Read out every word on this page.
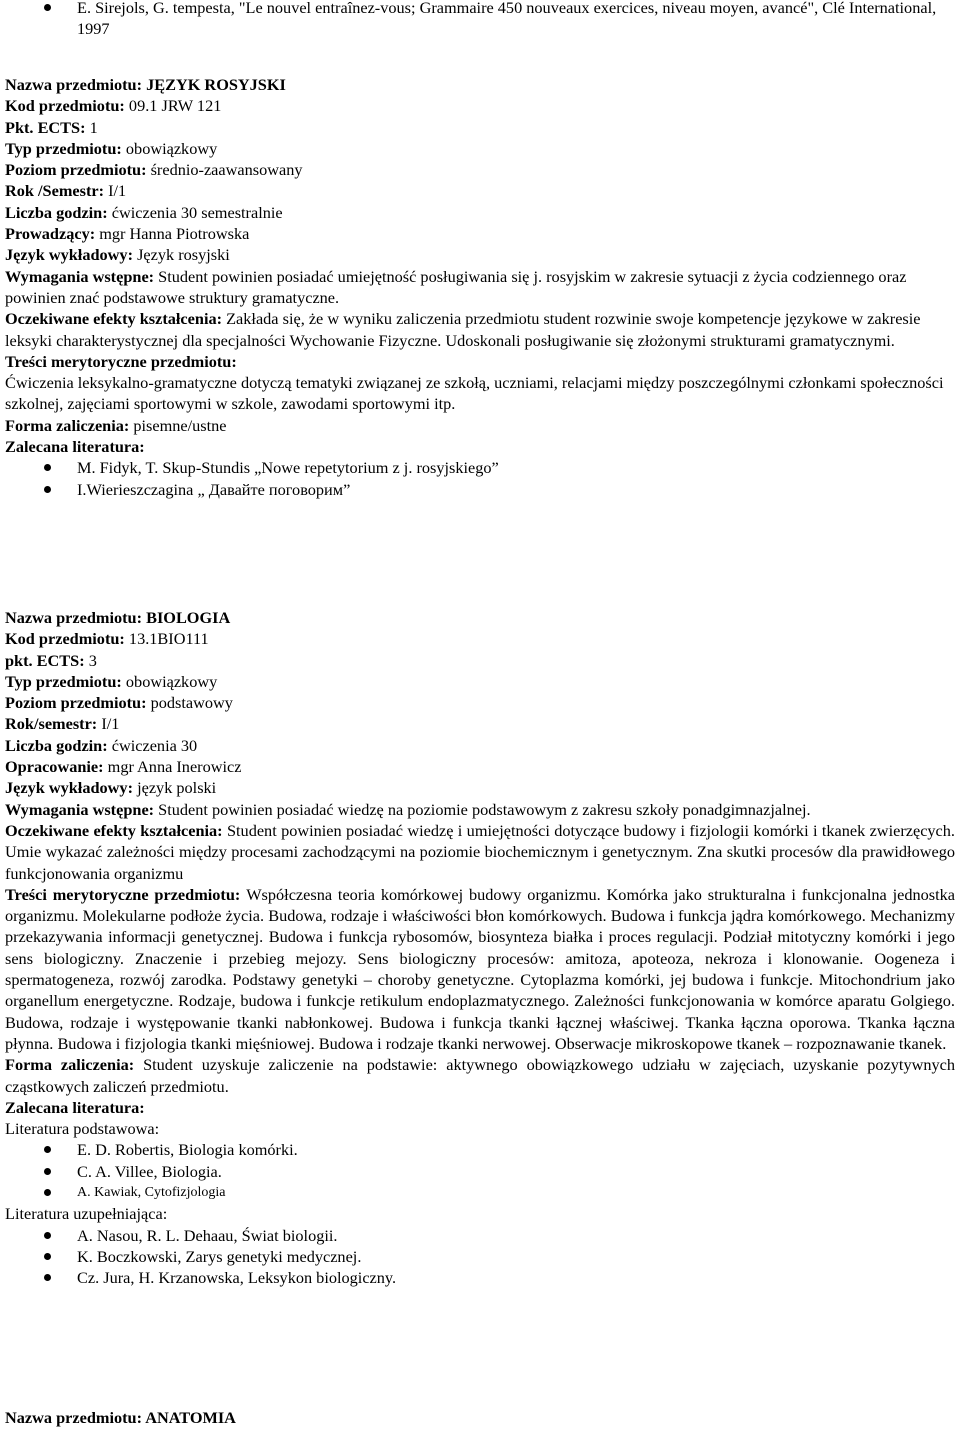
E. Sirejols, G. tempesta, "Le nouvel entraînez-vous; Grammaire 450 nouveaux exercices, niveau moyen, avancé", Clé International, 1997
Nazwa przedmiotu: JĘZYK ROSYJSKI
Kod przedmiotu: 09.1 JRW 121
Pkt. ECTS: 1
Typ przedmiotu: obowiązkowy
Poziom przedmiotu: średnio-zaawansowany
Rok /Semestr: I/1
Liczba godzin: ćwiczenia 30 semestralnie
Prowadzący: mgr Hanna Piotrowska
Język wykładowy: Język rosyjski
Wymagania wstępne: Student powinien posiadać umiejętność posługiwania się j. rosyjskim w zakresie sytuacji z życia codziennego oraz powinien znać podstawowe struktury gramatyczne.
Oczekiwane efekty kształcenia: Zakłada się, że w wyniku zaliczenia przedmiotu student rozwinie swoje kompetencje językowe w zakresie leksyki charakterystycznej dla specjalności Wychowanie Fizyczne. Udoskonali posługiwanie się złożonymi strukturami gramatycznymi.
Treści merytoryczne przedmiotu:
Ćwiczenia leksykalno-gramatyczne dotyczą tematyki związanej ze szkołą, uczniami, relacjami między poszczególnymi członkami społeczności szkolnej, zajęciami sportowymi w szkole, zawodami sportowymi itp.
Forma zaliczenia: pisemne/ustne
Zalecana literatura:
M. Fidyk, T. Skup-Stundis „Nowe repetytorium z j. rosyjskiego”
I.Wierieszczagina „ Давайте поговорим”
Nazwa przedmiotu: BIOLOGIA
Kod przedmiotu: 13.1BIO111
pkt. ECTS: 3
Typ przedmiotu: obowiązkowy
Poziom przedmiotu: podstawowy
Rok/semestr: I/1
Liczba godzin: ćwiczenia 30
Opracowanie: mgr Anna Inerowicz
Język wykładowy: język polski
Wymagania wstępne: Student powinien posiadać wiedzę na poziomie podstawowym z zakresu szkoły ponadgimnazjalnej.
Oczekiwane efekty kształcenia: Student powinien posiadać wiedzę i umiejętności dotyczące budowy i fizjologii komórki i tkanek zwierzęcych. Umie wykazać zależności między procesami zachodzącymi na poziomie biochemicznym i genetycznym. Zna skutki procesów dla prawidłowego funkcjonowania organizmu
Treści merytoryczne przedmiotu: Współczesna teoria komórkowej budowy organizmu. Komórka jako strukturalna i funkcjonalna jednostka organizmu. Molekularne podłoże życia. Budowa, rodzaje i właściwości błon komórkowych. Budowa i funkcja jądra komórkowego. Mechanizmy przekazywania informacji genetycznej. Budowa i funkcja rybosomów, biosynteza białka i proces regulacji. Podział mitotyczny komórki i jego sens biologiczny. Znaczenie i przebieg mejozy. Sens biologiczny procesów: amitoza, apoteoza, nekroza i klonowanie. Oogeneza i spermatogeneza, rozwój zarodka. Podstawy genetyki – choroby genetyczne. Cytoplazma komórki, jej budowa i funkcje. Mitochondrium jako organellum energetyczne. Rodzaje, budowa i funkcje retikulum endoplazmatycznego. Zależności funkcjonowania w komórce aparatu Golgiego. Budowa, rodzaje i występowanie tkanki nabłonkowej. Budowa i funkcja tkanki łącznej właściwej. Tkanka łączna oporowa. Tkanka łączna płynna. Budowa i fizjologia tkanki mięśniowej. Budowa i rodzaje tkanki nerwowej. Obserwacje mikroskopowe tkanek – rozpoznawanie tkanek.
Forma zaliczenia: Student uzyskuje zaliczenie na podstawie: aktywnego obowiązkowego udziału w zajęciach, uzyskanie pozytywnych cząstkowych zaliczeń przedmiotu.
Zalecana literatura:
Literatura podstawowa:
E. D. Robertis, Biologia komórki.
C. A. Villee, Biologia.
A. Kawiak, Cytofizjologia
Literatura uzupełniająca:
A. Nasou, R. L. Dehaau, Świat biologii.
K. Boczkowski, Zarys genetyki medycznej.
Cz. Jura, H. Krzanowska, Leksykon biologiczny.
Nazwa przedmiotu: ANATOMIA
